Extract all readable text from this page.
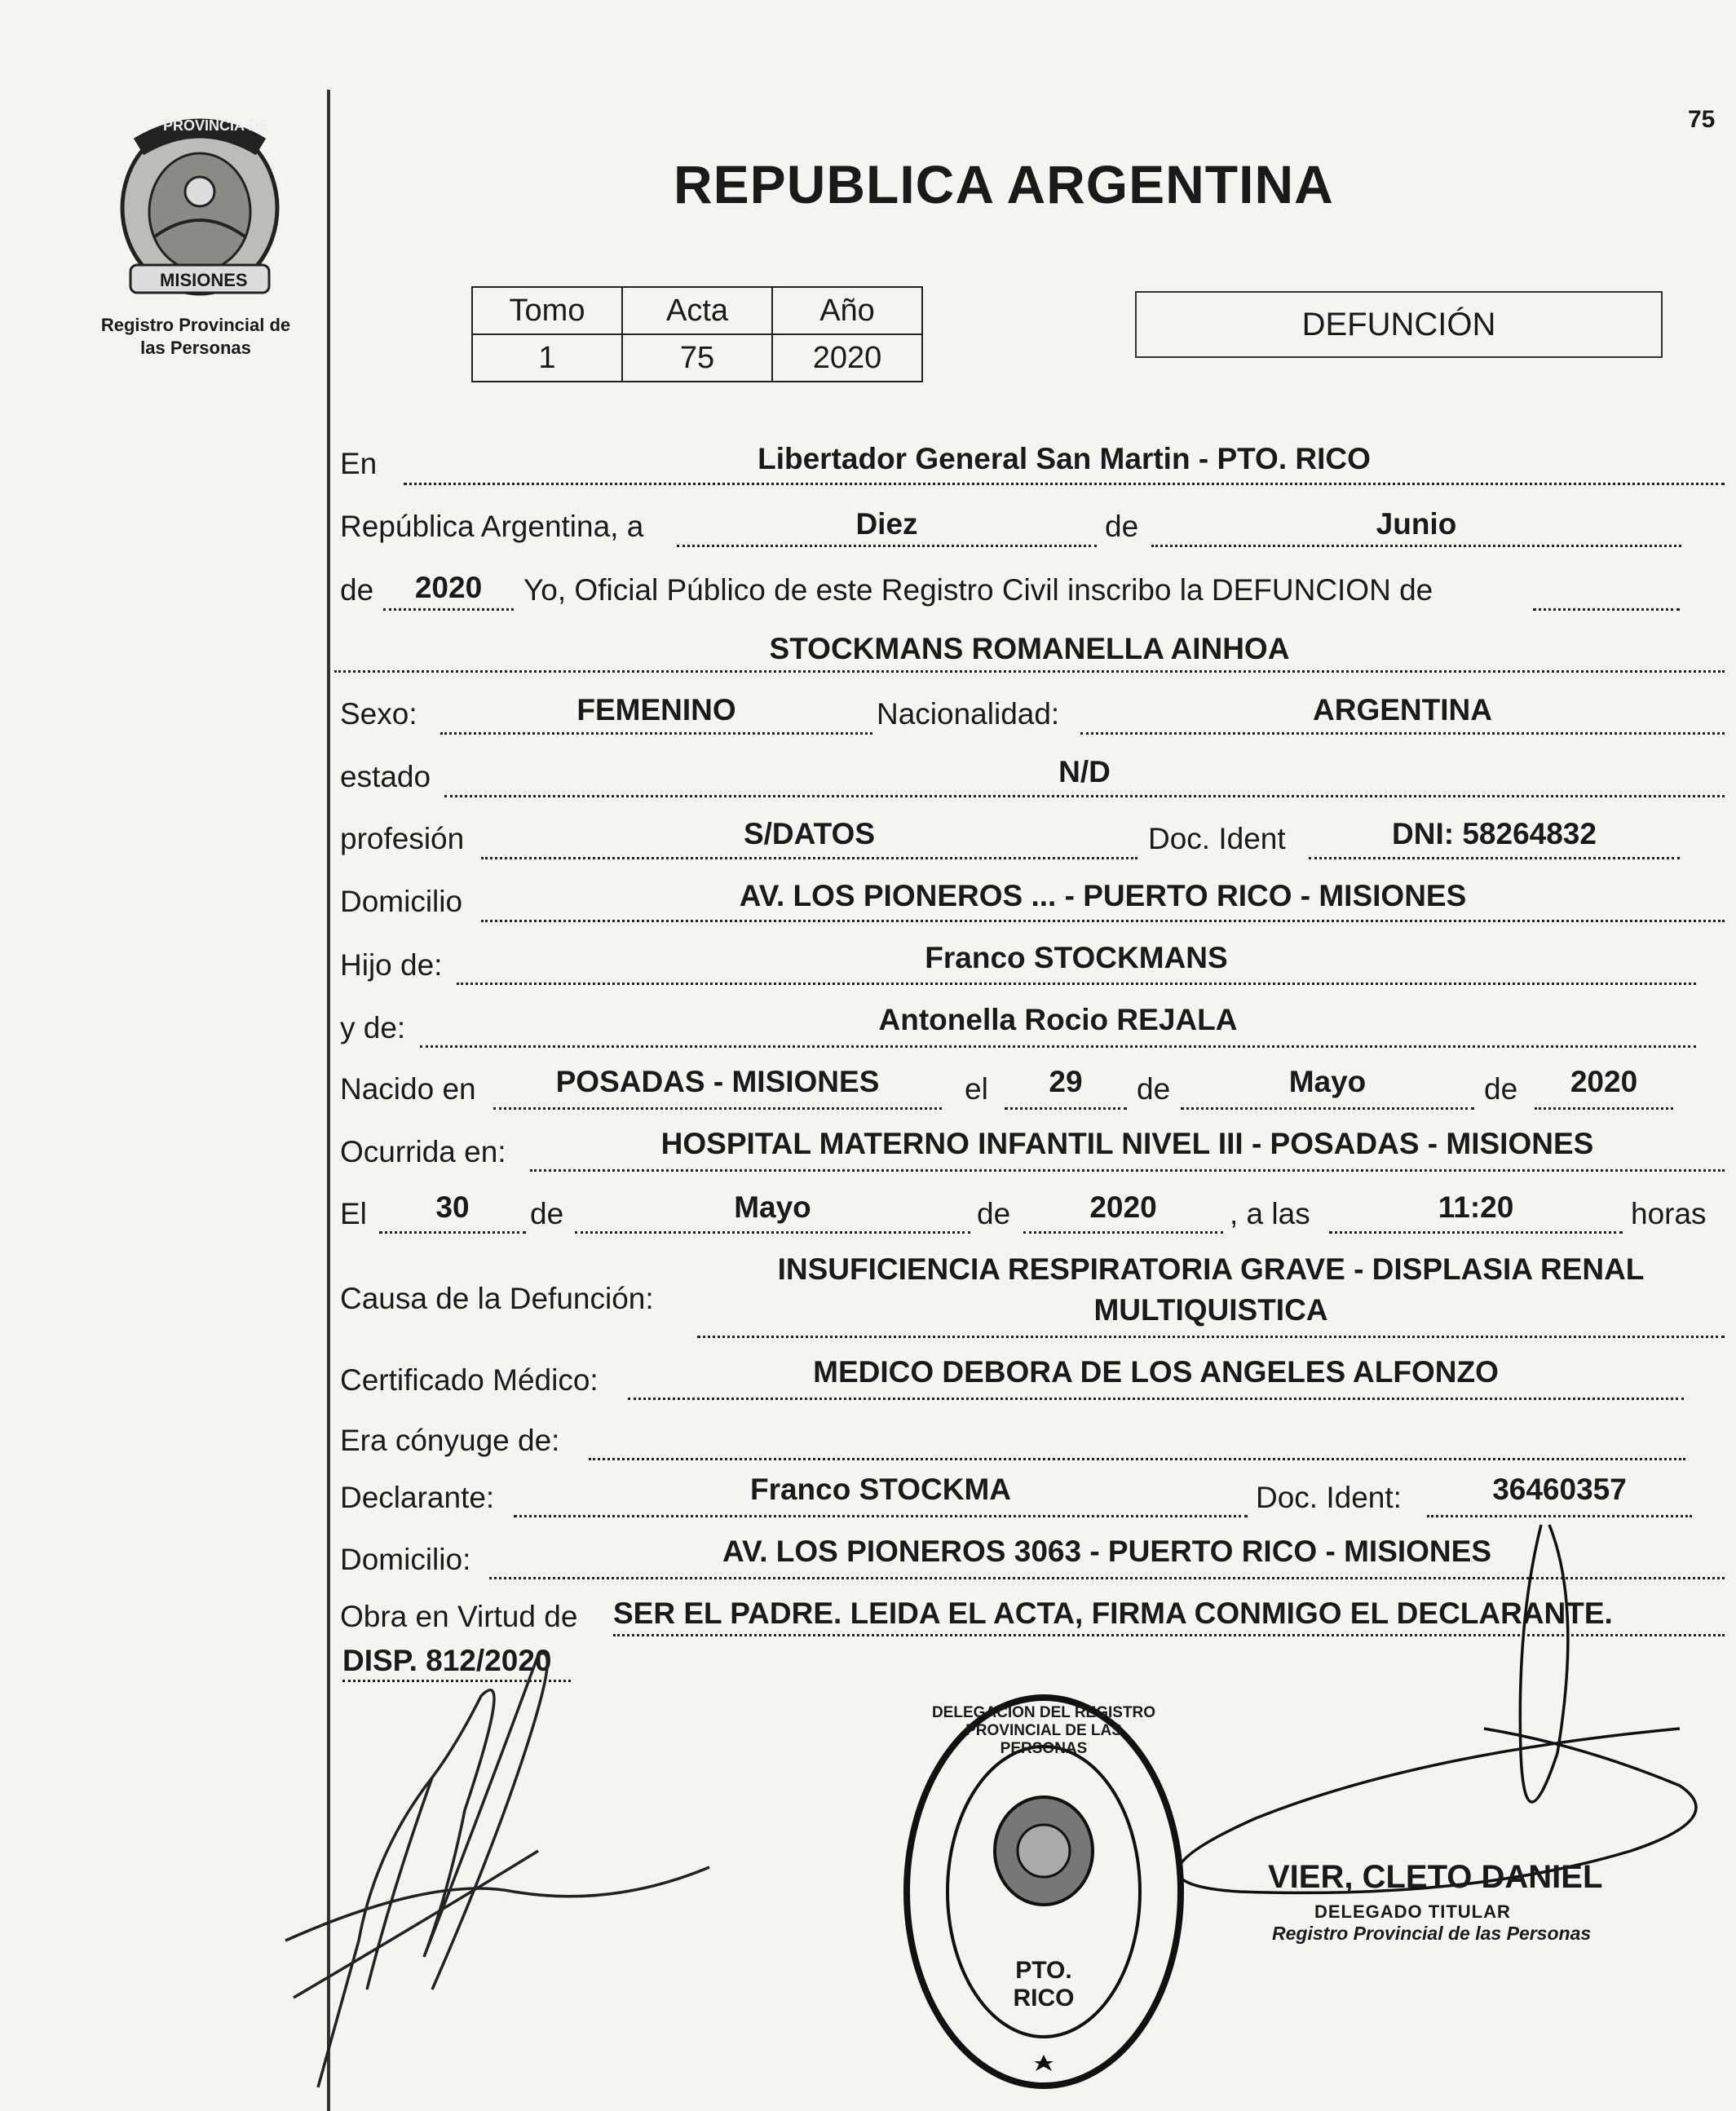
PROVINCIA DE
MISIONES
Registro Provincial de
las Personas
75
REPUBLICA ARGENTINA
Tomo	Acta	Año
1	75	2020
DEFUNCIÓN
En	Libertador General San Martin - PTO. RICO
República Argentina, a	Diez	de	Junio
de	2020	Yo, Oficial Público de este Registro Civil inscribo la DEFUNCION de
STOCKMANS ROMANELLA AINHOA
Sexo:	FEMENINO	Nacionalidad:	ARGENTINA
estado	N/D
profesión	S/DATOS	Doc. Ident	DNI: 58264832
Domicilio	AV. LOS PIONEROS ... - PUERTO RICO - MISIONES
Hijo de:	Franco STOCKMANS
y de:	Antonella Rocio REJALA
Nacido en	POSADAS - MISIONES	el	29	de	Mayo	de	2020
Ocurrida en:	HOSPITAL MATERNO INFANTIL NIVEL III - POSADAS - MISIONES
El	30	de	Mayo	de	2020	, a las	11:20	horas
Causa de la Defunción:
INSUFICIENCIA RESPIRATORIA GRAVE - DISPLASIA RENAL
MULTIQUISTICA
Certificado Médico:	MEDICO DEBORA DE LOS ANGELES ALFONZO
Era cónyuge de:
Declarante:	Franco STOCKMA	Doc. Ident:	36460357
Domicilio:	AV. LOS PIONEROS 3063 - PUERTO RICO - MISIONES
Obra en Virtud de SER EL PADRE. LEIDA EL ACTA, FIRMA CONMIGO EL DECLARANTE.
DISP. 812/2020
DELEGACION DEL REGISTRO PROVINCIAL DE LAS PERSONAS
PTO. RICO
VIER, CLETO DANIEL
DELEGADO TITULAR
Registro Provincial de las Personas
